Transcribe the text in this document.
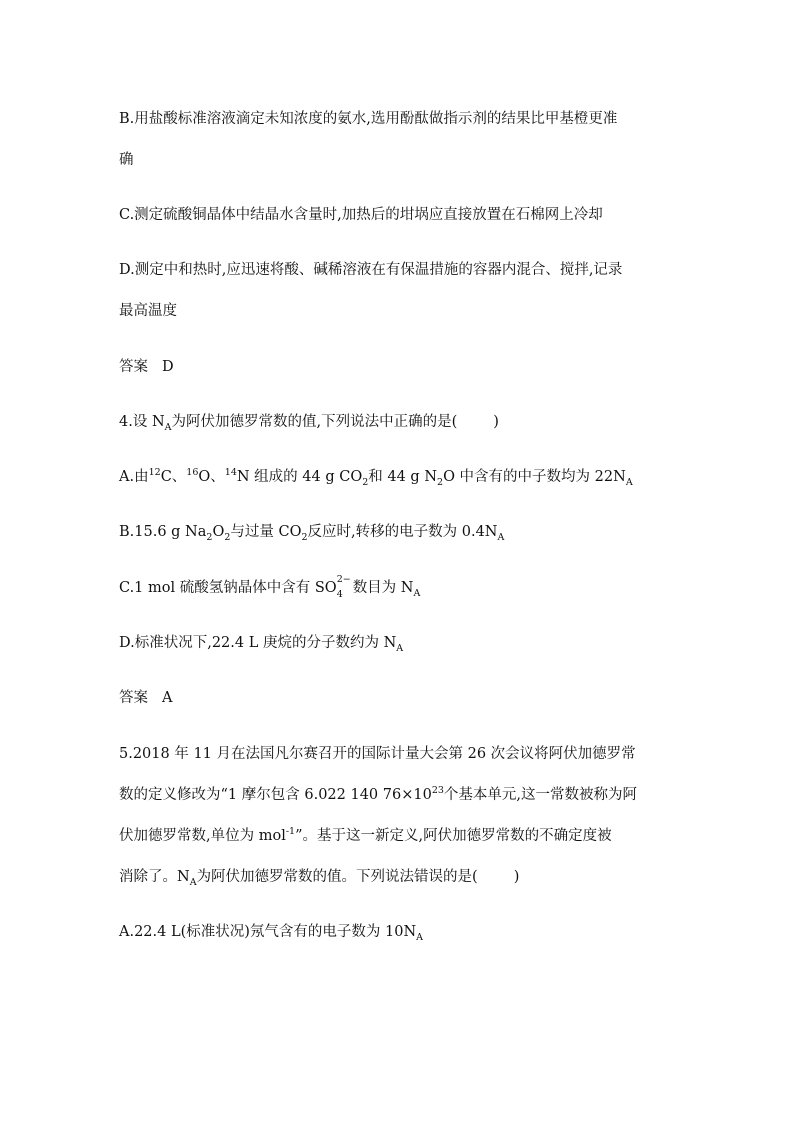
B.用盐酸标准溶液滴定未知浓度的氨水,选用酚酞做指示剂的结果比甲基橙更准
确
C.测定硫酸铜晶体中结晶水含量时,加热后的坩埚应直接放置在石棉网上冷却
D.测定中和热时,应迅速将酸、碱稀溶液在有保温措施的容器内混合、搅拌,记录
最高温度
答案 D
4.设 $N_A$为阿伏加德罗常数的值,下列说法中正确的是( )
A.由$^{12}$C、$^{16}$O、$^{14}$N 组成的 44 g $CO_2$和 44 g $N_2O$ 中含有的中子数均为 $22N_A$
B.15.6 g $Na_2O_2$与过量 $CO_2$反应时,转移的电子数为 $0.4N_A$
C.1 mol 硫酸氢钠晶体中含有 SO
2−
4 数目为 $N_A$
D.标准状况下,22.4 L 庚烷的分子数约为 $N_A$
答案 A
5.2018 年 11 月在法国凡尔赛召开的国际计量大会第 26 次会议将阿伏加德罗常
数的定义修改为“1 摩尔包含 6.022 140 $76\times 10^{23}$个基本单元,这一常数被称为阿
伏加德罗常数,单位为 mol$^{-1}$”。基于这一新定义,阿伏加德罗常数的不确定度被
消除了。$N_A$为阿伏加德罗常数的值。下列说法错误的是( )
A.22.4 L(标准状况)氖气含有的电子数为 $10N_A$
